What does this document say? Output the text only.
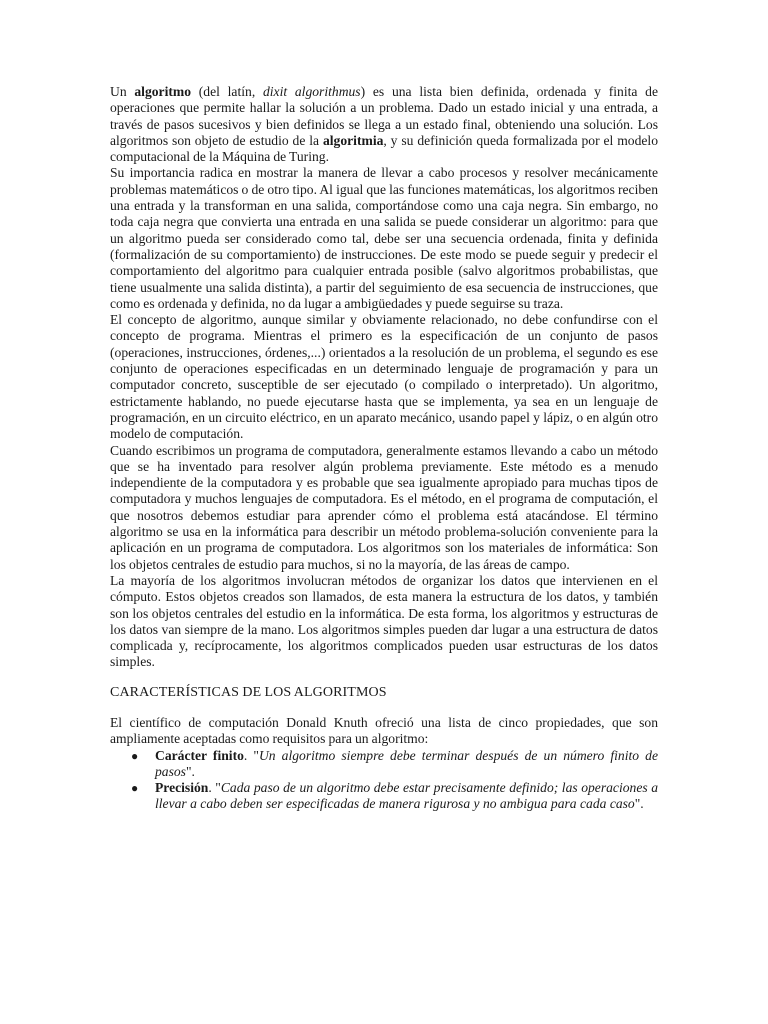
Un algoritmo (del latín, dixit algorithmus) es una lista bien definida, ordenada y finita de operaciones que permite hallar la solución a un problema. Dado un estado inicial y una entrada, a través de pasos sucesivos y bien definidos se llega a un estado final, obteniendo una solución. Los algoritmos son objeto de estudio de la algoritmia, y su definición queda formalizada por el modelo computacional de la Máquina de Turing.

Su importancia radica en mostrar la manera de llevar a cabo procesos y resolver mecánicamente problemas matemáticos o de otro tipo. Al igual que las funciones matemáticas, los algoritmos reciben una entrada y la transforman en una salida, comportándose como una caja negra. Sin embargo, no toda caja negra que convierta una entrada en una salida se puede considerar un algoritmo: para que un algoritmo pueda ser considerado como tal, debe ser una secuencia ordenada, finita y definida (formalización de su comportamiento) de instrucciones. De este modo se puede seguir y predecir el comportamiento del algoritmo para cualquier entrada posible (salvo algoritmos probabilistas, que tiene usualmente una salida distinta), a partir del seguimiento de esa secuencia de instrucciones, que como es ordenada y definida, no da lugar a ambigüedades y puede seguirse su traza.

El concepto de algoritmo, aunque similar y obviamente relacionado, no debe confundirse con el concepto de programa. Mientras el primero es la especificación de un conjunto de pasos (operaciones, instrucciones, órdenes,...) orientados a la resolución de un problema, el segundo es ese conjunto de operaciones especificadas en un determinado lenguaje de programación y para un computador concreto, susceptible de ser ejecutado (o compilado o interpretado). Un algoritmo, estrictamente hablando, no puede ejecutarse hasta que se implementa, ya sea en un lenguaje de programación, en un circuito eléctrico, en un aparato mecánico, usando papel y lápiz, o en algún otro modelo de computación.

Cuando escribimos un programa de computadora, generalmente estamos llevando a cabo un método que se ha inventado para resolver algún problema previamente. Este método es a menudo independiente de la computadora y es probable que sea igualmente apropiado para muchas tipos de computadora y muchos lenguajes de computadora. Es el método, en el programa de computación, el que nosotros debemos estudiar para aprender cómo el problema está atacándose. El término algoritmo se usa en la informática para describir un método problema-solución conveniente para la aplicación en un programa de computadora. Los algoritmos son los materiales de informática: Son los objetos centrales de estudio para muchos, si no la mayoría, de las áreas de campo.

La mayoría de los algoritmos involucran métodos de organizar los datos que intervienen en el cómputo. Estos objetos creados son llamados, de esta manera la estructura de los datos, y también son los objetos centrales del estudio en la informática. De esta forma, los algoritmos y estructuras de los datos van siempre de la mano. Los algoritmos simples pueden dar lugar a una estructura de datos complicada y, recíprocamente, los algoritmos complicados pueden usar estructuras de los datos simples.

CARACTERÍSTICAS DE LOS ALGORITMOS

El científico de computación Donald Knuth ofreció una lista de cinco propiedades, que son ampliamente aceptadas como requisitos para un algoritmo:

● Carácter finito. "Un algoritmo siempre debe terminar después de un número finito de pasos".
● Precisión. "Cada paso de un algoritmo debe estar precisamente definido; las operaciones a llevar a cabo deben ser especificadas de manera rigurosa y no ambigua para cada caso".
